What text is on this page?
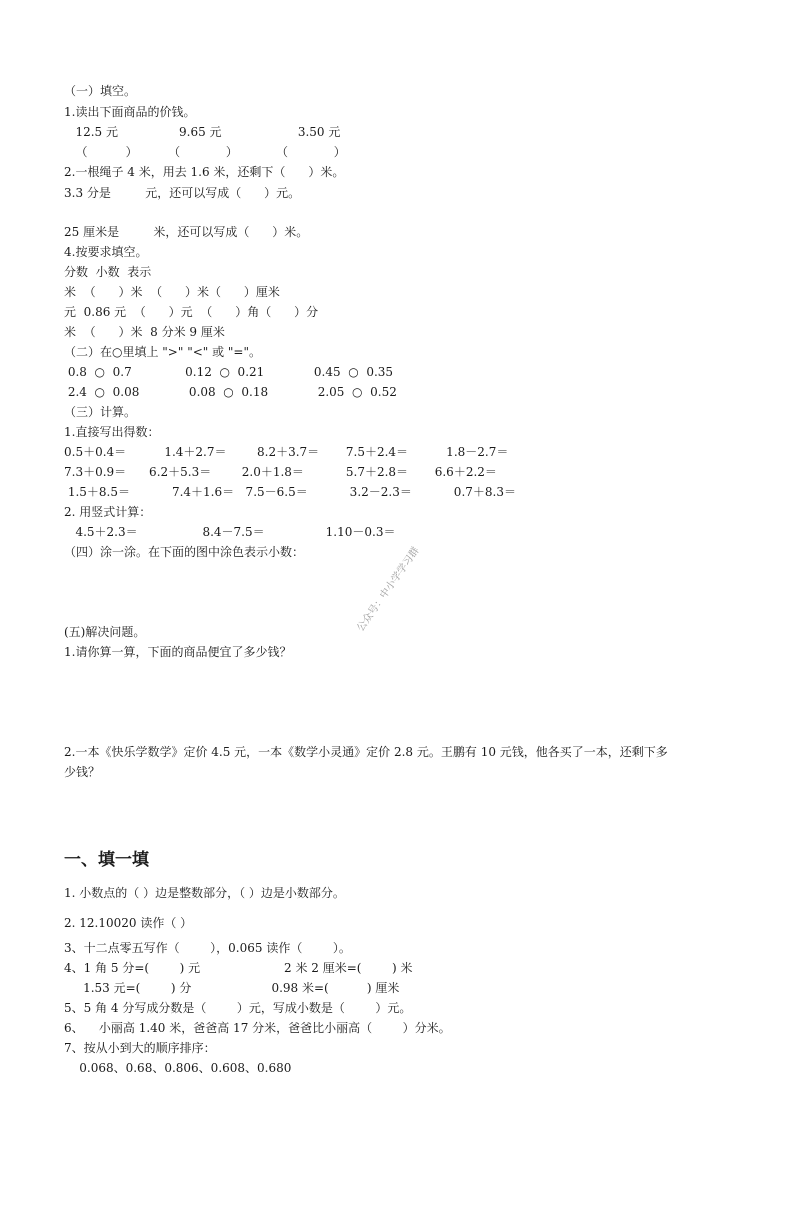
（一）填空。
1.读出下面商品的价钱。
12.5 元                9.65 元                    3.50 元
（          ）        （            ）          （            ）
2.一根绳子 4 米，用去 1.6 米，还剩下（      ）米。
3.3 分是         元，还可以写成（      ）元。
25 厘米是         米，还可以写成（      ）米。
4.按要求填空。
分数  小数  表示
米  （      ）米  （      ）米（      ）厘米
元  0.86 元  （      ）元  （      ）角（      ）分
米  （      ）米  8 分米 9 厘米
（二）在○里填上 ">" "<" 或 "="。
0.8  ○  0.7              0.12  ○  0.21             0.45  ○  0.35
2.4  ○  0.08             0.08  ○  0.18             2.05  ○  0.52
（三）计算。
1.直接写出得数：
0.5＋0.4＝          1.4＋2.7＝        8.2＋3.7＝       7.5＋2.4＝          1.8－2.7＝
7.3＋0.9＝      6.2＋5.3＝        2.0＋1.8＝           5.7＋2.8＝       6.6＋2.2＝
1.5＋8.5＝           7.4＋1.6＝   7.5－6.5＝           3.2－2.3＝           0.7＋8.3＝
2. 用竖式计算：
4.5＋2.3＝                 8.4－7.5＝                1.10－0.3＝
（四）涂一涂。在下面的图中涂色表示小数：	公众号：中小学学习群
(五)解决问题。
1.请你算一算，下面的商品便宜了多少钱？
2.一本《快乐学数学》定价 4.5 元，一本《数学小灵通》定价 2.8 元。王鹏有 10 元钱，他各买了一本，还剩下多
少钱？
一、填一填
1. 小数点的（ ）边是整数部分，（ ）边是小数部分。
2. 12.10020 读作（ ）
3、十二点零五写作（        ），0.065 读作（        ）。
4、1 角 5 分=(        ) 元                      2 米 2 厘米=(        ) 米
1.53 元=(        ) 分                     0.98 米=(          ) 厘米
5、5 角 4 分写成分数是（        ）元，写成小数是（        ）元。
6、    小丽高 1.40 米，爸爸高 17 分米，爸爸比小丽高（        ）分米。
7、按从小到大的顺序排序：
0.068、0.68、0.806、0.608、0.680
